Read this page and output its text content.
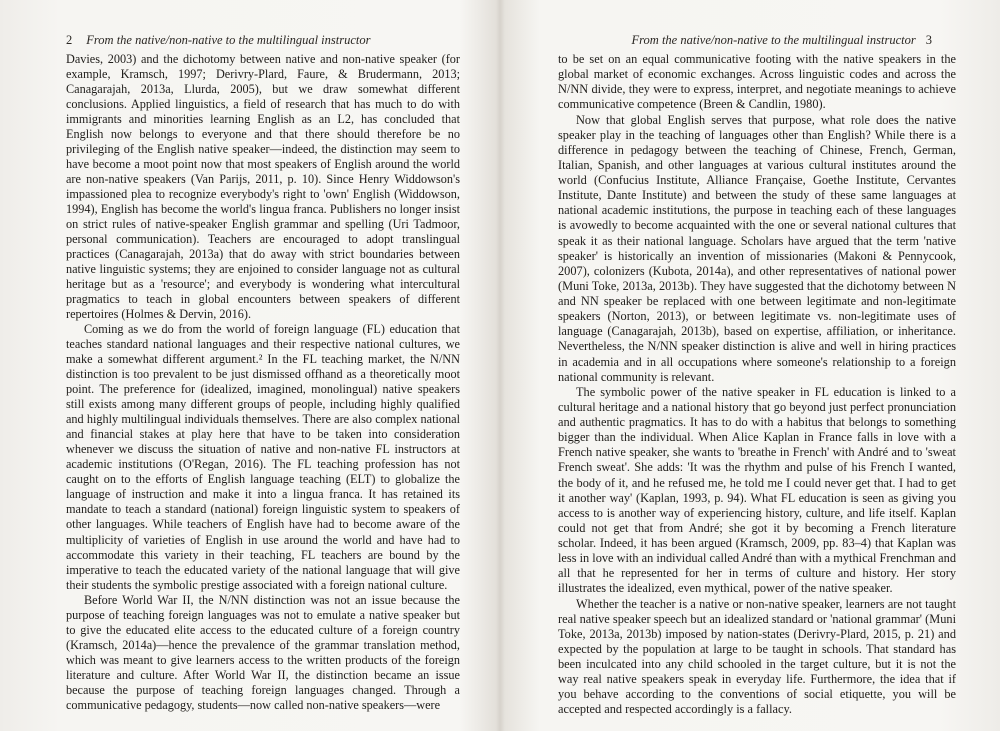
2 From the native/non-native to the multilingual instructor

Davies, 2003) and the dichotomy between native and non-native speaker (for example, Kramsch, 1997; Derivry-Plard, Faure, & Brudermann, 2013; Canagarajah, 2013a, Llurda, 2005), but we draw somewhat different conclusions. Applied linguistics, a field of research that has much to do with immigrants and minorities learning English as an L2, has concluded that English now belongs to everyone and that there should therefore be no privileging of the English native speaker—indeed, the distinction may seem to have become a moot point now that most speakers of English around the world are non-native speakers (Van Parijs, 2011, p. 10). Since Henry Widdowson's impassioned plea to recognize everybody's right to 'own' English (Widdowson, 1994), English has become the world's lingua franca. Publishers no longer insist on strict rules of native-speaker English grammar and spelling (Uri Tadmoor, personal communication). Teachers are encouraged to adopt translingual practices (Canagarajah, 2013a) that do away with strict boundaries between native linguistic systems; they are enjoined to consider language not as cultural heritage but as a 'resource'; and everybody is wondering what intercultural pragmatics to teach in global encounters between speakers of different repertoires (Holmes & Dervin, 2016).

Coming as we do from the world of foreign language (FL) education that teaches standard national languages and their respective national cultures, we make a somewhat different argument.² In the FL teaching market, the N/NN distinction is too prevalent to be just dismissed offhand as a theoretically moot point. The preference for (idealized, imagined, monolingual) native speakers still exists among many different groups of people, including highly qualified and highly multilingual individuals themselves. There are also complex national and financial stakes at play here that have to be taken into consideration whenever we discuss the situation of native and non-native FL instructors at academic institutions (O'Regan, 2016). The FL teaching profession has not caught on to the efforts of English language teaching (ELT) to globalize the language of instruction and make it into a lingua franca. It has retained its mandate to teach a standard (national) foreign linguistic system to speakers of other languages. While teachers of English have had to become aware of the multiplicity of varieties of English in use around the world and have had to accommodate this variety in their teaching, FL teachers are bound by the imperative to teach the educated variety of the national language that will give their students the symbolic prestige associated with a foreign national culture.

Before World War II, the N/NN distinction was not an issue because the purpose of teaching foreign languages was not to emulate a native speaker but to give the educated elite access to the educated culture of a foreign country (Kramsch, 2014a)—hence the prevalence of the grammar translation method, which was meant to give learners access to the written products of the foreign literature and culture. After World War II, the distinction became an issue because the purpose of teaching foreign languages changed. Through a communicative pedagogy, students—now called non-native speakers—were

From the native/non-native to the multilingual instructor 3

to be set on an equal communicative footing with the native speakers in the global market of economic exchanges. Across linguistic codes and across the N/NN divide, they were to express, interpret, and negotiate meanings to achieve communicative competence (Breen & Candlin, 1980).

Now that global English serves that purpose, what role does the native speaker play in the teaching of languages other than English? While there is a difference in pedagogy between the teaching of Chinese, French, German, Italian, Spanish, and other languages at various cultural institutes around the world (Confucius Institute, Alliance Française, Goethe Institute, Cervantes Institute, Dante Institute) and between the study of these same languages at national academic institutions, the purpose in teaching each of these languages is avowedly to become acquainted with the one or several national cultures that speak it as their national language. Scholars have argued that the term 'native speaker' is historically an invention of missionaries (Makoni & Pennycook, 2007), colonizers (Kubota, 2014a), and other representatives of national power (Muni Toke, 2013a, 2013b). They have suggested that the dichotomy between N and NN speaker be replaced with one between legitimate and non-legitimate speakers (Norton, 2013), or between legitimate vs. non-legitimate uses of language (Canagarajah, 2013b), based on expertise, affiliation, or inheritance. Nevertheless, the N/NN speaker distinction is alive and well in hiring practices in academia and in all occupations where someone's relationship to a foreign national community is relevant.

The symbolic power of the native speaker in FL education is linked to a cultural heritage and a national history that go beyond just perfect pronunciation and authentic pragmatics. It has to do with a habitus that belongs to something bigger than the individual. When Alice Kaplan in France falls in love with a French native speaker, she wants to 'breathe in French' with André and to 'sweat French sweat'. She adds: 'It was the rhythm and pulse of his French I wanted, the body of it, and he refused me, he told me I could never get that. I had to get it another way' (Kaplan, 1993, p. 94). What FL education is seen as giving you access to is another way of experiencing history, culture, and life itself. Kaplan could not get that from André; she got it by becoming a French literature scholar. Indeed, it has been argued (Kramsch, 2009, pp. 83–4) that Kaplan was less in love with an individual called André than with a mythical Frenchman and all that he represented for her in terms of culture and history. Her story illustrates the idealized, even mythical, power of the native speaker.

Whether the teacher is a native or non-native speaker, learners are not taught real native speaker speech but an idealized standard or 'national grammar' (Muni Toke, 2013a, 2013b) imposed by nation-states (Derivry-Plard, 2015, p. 21) and expected by the population at large to be taught in schools. That standard has been inculcated into any child schooled in the target culture, but it is not the way real native speakers speak in everyday life. Furthermore, the idea that if you behave according to the conventions of social etiquette, you will be accepted and respected accordingly is a fallacy.
